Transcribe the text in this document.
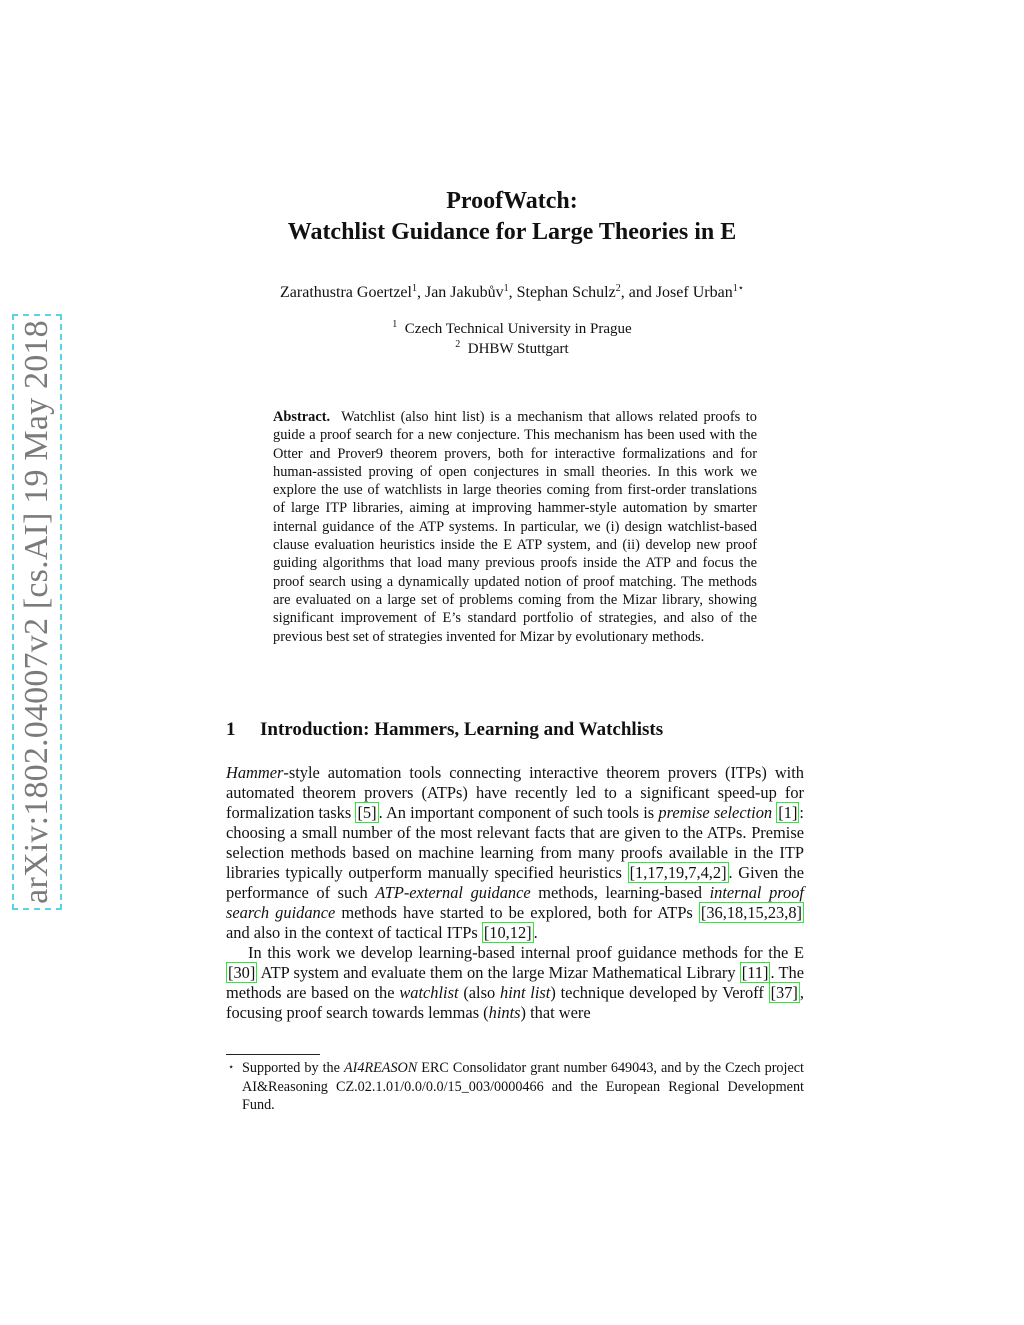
arXiv:1802.04007v2 [cs.AI] 19 May 2018
ProofWatch:
Watchlist Guidance for Large Theories in E
Zarathustra Goertzel$^1$, Jan Jakubův$^1$, Stephan Schulz$^2$, and Josef Urban$^{1⋆}$
$^1$ Czech Technical University in Prague
$^2$ DHBW Stuttgart
Abstract. Watchlist (also hint list) is a mechanism that allows related proofs to guide a proof search for a new conjecture. This mechanism has been used with the Otter and Prover9 theorem provers, both for interactive formalizations and for human-assisted proving of open conjectures in small theories. In this work we explore the use of watchlists in large theories coming from first-order translations of large ITP libraries, aiming at improving hammer-style automation by smarter internal guidance of the ATP systems. In particular, we (i) design watchlist-based clause evaluation heuristics inside the E ATP system, and (ii) develop new proof guiding algorithms that load many previous proofs inside the ATP and focus the proof search using a dynamically updated notion of proof matching. The methods are evaluated on a large set of problems coming from the Mizar library, showing significant improvement of E’s standard portfolio of strategies, and also of the previous best set of strategies invented for Mizar by evolutionary methods.
1 Introduction: Hammers, Learning and Watchlists

Hammer-style automation tools connecting interactive theorem provers (ITPs) with automated theorem provers (ATPs) have recently led to a significant speed-up for formalization tasks [5] . An important component of such tools is premise selection [1] : choosing a small number of the most relevant facts that are given to the ATPs. Premise selection methods based on machine learning from many proofs available in the ITP libraries typically outperform manually specified heuristics [1,17,19,7,4,2] . Given the performance of such ATP-external guidance methods, learning-based internal proof search guidance methods have started to be explored, both for ATPs [36,18,15,23,8] and also in the context of tactical ITPs [10,12] .

In this work we develop learning-based internal proof guidance methods for the E [30] ATP system and evaluate them on the large Mizar Mathematical Library [11] . The methods are based on the watchlist (also hint list) technique developed by Veroff [37] , focusing proof search towards lemmas (hints) that were

⋆ Supported by the AI4REASON ERC Consolidator grant number 649043, and by the Czech project AI&Reasoning CZ.02.1.01/0.0/0.0/15_003/0000466 and the European Regional Development Fund.
